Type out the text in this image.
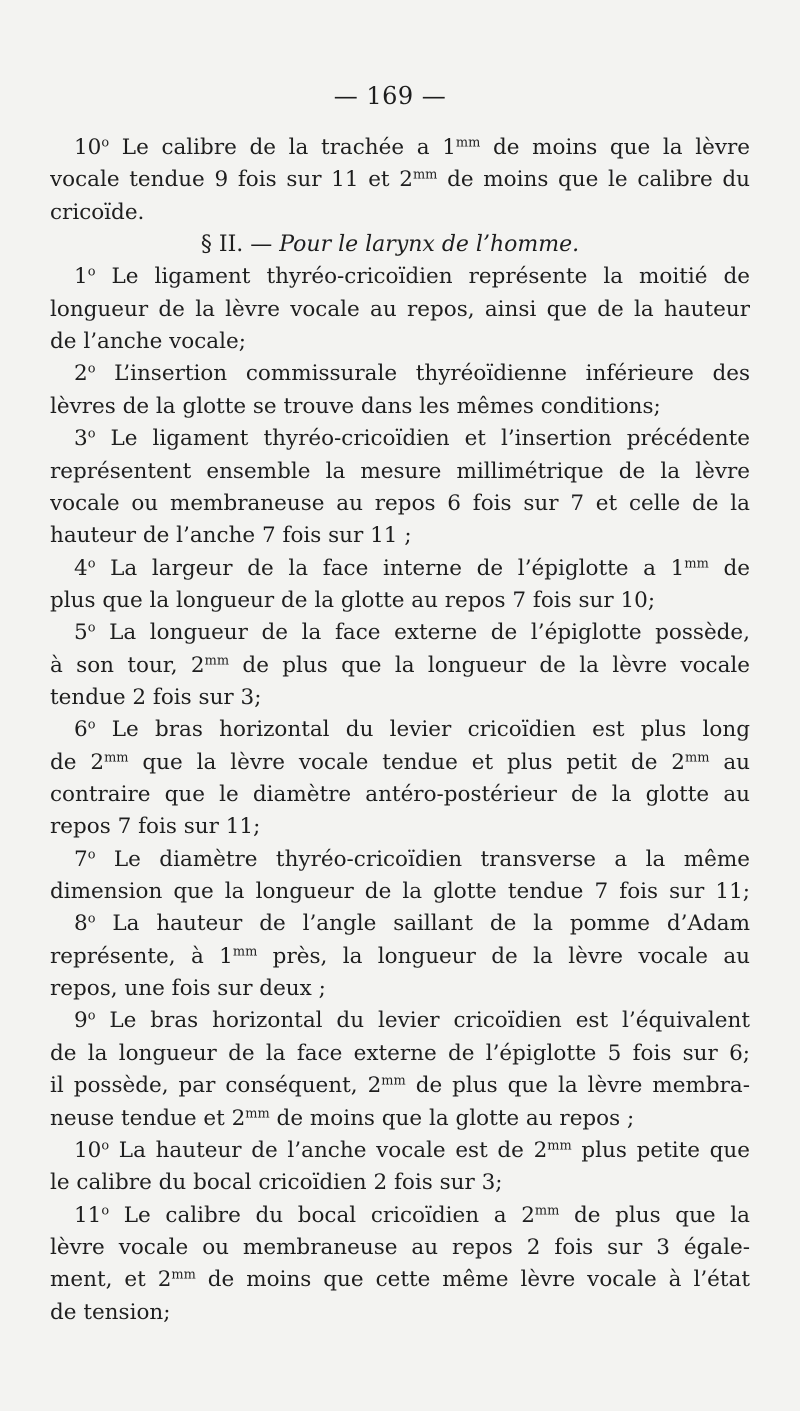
— 169 —
10$^o$ Le calibre de la trachée a $1^{mm}$ de moins que la lèvre
vocale tendue 9 fois sur 11 et $2^{mm}$ de moins que le calibre du
cricoïde.
§ II. — Pour le larynx de l’homme.
1$^o$ Le ligament thyréo-cricoïdien représente la moitié de
longueur de la lèvre vocale au repos, ainsi que de la hauteur
de l’anche vocale;
2$^o$ L’insertion commissurale thyréoïdienne inférieure des
lèvres de la glotte se trouve dans les mêmes conditions;
3$^o$ Le ligament thyréo-cricoïdien et l’insertion précédente
représentent ensemble la mesure millimétrique de la lèvre
vocale ou membraneuse au repos 6 fois sur 7 et celle de la
hauteur de l’anche 7 fois sur 11 ;
4$^o$ La largeur de la face interne de l’épiglotte a $1^{mm}$ de
plus que la longueur de la glotte au repos 7 fois sur 10;
5$^o$ La longueur de la face externe de l’épiglotte possède,
à son tour, $2^{mm}$ de plus que la longueur de la lèvre vocale
tendue 2 fois sur 3;
6$^o$ Le bras horizontal du levier cricoïdien est plus long
de $2^{mm}$ que la lèvre vocale tendue et plus petit de $2^{mm}$ au
contraire que le diamètre antéro-postérieur de la glotte au
repos 7 fois sur 11;
7$^o$ Le diamètre thyréo-cricoïdien transverse a la même
dimension que la longueur de la glotte tendue 7 fois sur 11;
8$^o$ La hauteur de l’angle saillant de la pomme d’Adam
représente, à $1^{mm}$ près, la longueur de la lèvre vocale au
repos, une fois sur deux ;
9$^o$ Le bras horizontal du levier cricoïdien est l’équivalent
de la longueur de la face externe de l’épiglotte 5 fois sur 6;
il possède, par conséquent, $2^{mm}$ de plus que la lèvre membra-
neuse tendue et $2^{mm}$ de moins que la glotte au repos ;
10$^o$ La hauteur de l’anche vocale est de $2^{mm}$ plus petite que
le calibre du bocal cricoïdien 2 fois sur 3;
11$^o$ Le calibre du bocal cricoïdien a $2^{mm}$ de plus que la
lèvre vocale ou membraneuse au repos 2 fois sur 3 égale-
ment, et $2^{mm}$ de moins que cette même lèvre vocale à l’état
de tension;
